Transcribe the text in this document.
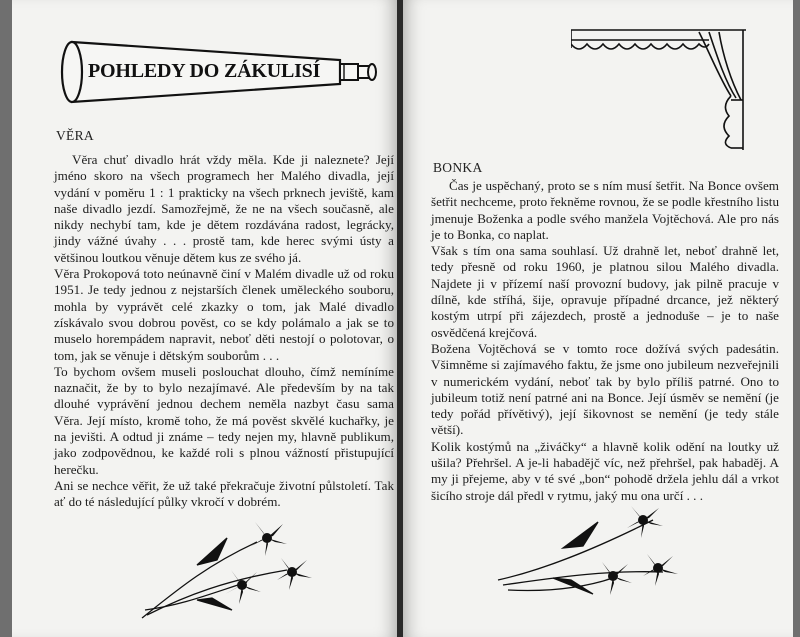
POHLEDY DO ZÁKULISÍ
VĚRA

Věra chuť divadlo hrát vždy měla. Kde ji naleznete? Její jméno skoro na všech programech her Malého divadla, její vydání v poměru 1 : 1 prakticky na všech prknech jeviště, kam naše divadlo jezdí. Samozřejmě, že ne na všech současně, ale nikdy nechybí tam, kde je dětem rozdávána radost, legrácky, jindy vážné úvahy . . . prostě tam, kde herec svými ústy a většinou loutkou věnuje dětem kus ze svého já.

Věra Prokopová toto neúnavně činí v Malém divadle už od roku 1951. Je tedy jednou z nejstarších členek uměleckého souboru, mohla by vyprávět celé zkazky o tom, jak Malé divadlo získávalo svou dobrou pověst, co se kdy polámalo a jak se to muselo horempádem napravit, neboť děti nestojí o polotovar, o tom, jak se věnuje i dětským souborům . . .

To bychom ovšem museli poslouchat dlouho, čímž nemíníme naznačit, že by to bylo nezajímavé. Ale především by na tak dlouhé vyprávění jednou dechem neměla nazbyt času sama Věra. Její místo, kromě toho, že má pověst skvělé kuchařky, je na jevišti. A odtud ji známe – tedy nejen my, hlavně publikum, jako zodpovědnou, ke každé roli s plnou vážností přistupující herečku.

Ani se nechce věřit, že už také překračuje životní půlstoletí. Tak ať do té následující půlky vkročí v dobrém.

BONKA

Čas je uspěchaný, proto se s ním musí šetřit. Na Bonce ovšem šetřit nechceme, proto řekněme rovnou, že se podle křestního listu jmenuje Boženka a podle svého manžela Vojtěchová. Ale pro nás je to Bonka, co naplat.

Však s tím ona sama souhlasí. Už drahně let, neboť drahně let, tedy přesně od roku 1960, je platnou silou Malého divadla. Najdete ji v přízemí naší provozní budovy, jak pilně pracuje v dílně, kde stříhá, šije, opravuje případné drcance, jež některý kostým utrpí při zájezdech, prostě a jednoduše – je to naše osvědčená krejčová.

Božena Vojtěchová se v tomto roce dožívá svých padesátin. Všimněme si zajímavého faktu, že jsme ono jubileum nezveřejnili v numerickém vydání, neboť tak by bylo příliš patrné. Ono to jubileum totiž není patrné ani na Bonce. Její úsměv se nemění (je tedy pořád přívětivý), její šikovnost se nemění (je tedy stále větší).

Kolik kostýmů na „živáčky“ a hlavně kolik odění na loutky už ušila? Přehršel. A je-li habadějč víc, než přehršel, pak habaděj. A my ji přejeme, aby v té své „bon“ pohodě držela jehlu dál a vrkot šicího stroje dál předl v rytmu, jaký mu ona určí . . .
